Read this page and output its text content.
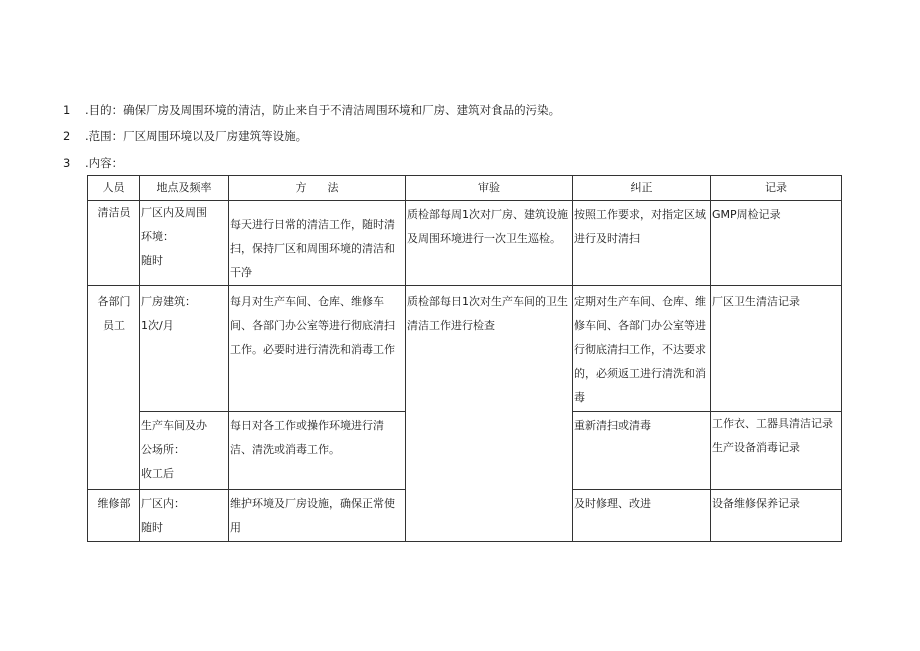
1 .目的：确保厂房及周围环境的清洁，防止来自于不清洁周围环境和厂房、建筑对食品的污染。
2 .范围：厂区周围环境以及厂房建筑等设施。
3 .内容：
人员	地点及频率	方      法	审验	纠正	记录

清洁员	厂区内及周围
环境：
随时	每天进行日常的清洁工作，随时清扫，保持厂区和周围环境的清洁和干净	质检部每周1次对厂房、建筑设施及周围环境进行一次卫生巡检。	按照工作要求，对指定区域进行及时清扫	GMP周检记录

各部门
员工	厂房建筑：
1次/月	每月对生产车间、仓库、维修车间、各部门办公室等进行彻底清扫工作。必要时进行清洗和消毒工作	质检部每日1次对生产车间的卫生清洁工作进行检查	定期对生产车间、仓库、维修车间、各部门办公室等进行彻底清扫工作，不达要求的，必须返工进行清洗和消毒	厂区卫生清洁记录

	生产车间及办
公场所：
收工后	每日对各工作或操作环境进行清洁、清洗或消毒工作。		重新清扫或清毒	工作衣、工器具清洁记录
生产设备消毒记录

维修部	厂区内：
随时	维护环境及厂房设施，确保正常使用		及时修理、改进	设备维修保养记录
